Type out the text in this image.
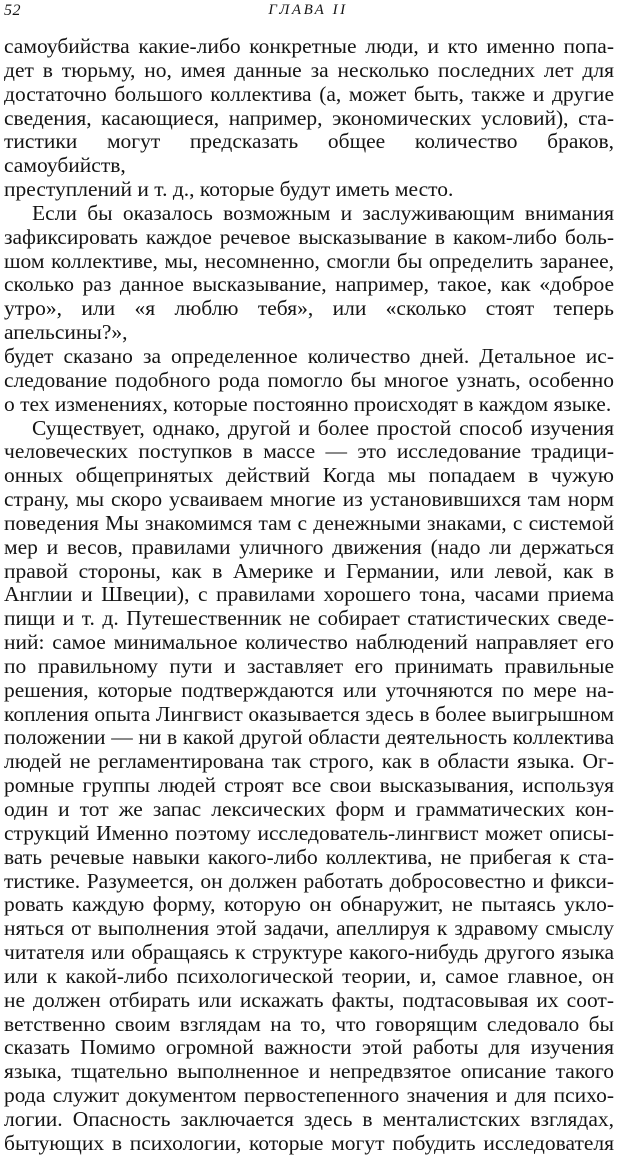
52	ГЛАВА II

самоубийства какие-либо конкретные люди, и кто именно попа-

дет в тюрьму, но, имея данные за несколько последних лет для

достаточно большого коллектива (а, может быть, также и другие

сведения, касающиеся, например, экономических условий), ста-

тистики могут предсказать общее количество браков, самоубийств,

преступлений и т. д., которые будут иметь место.

Если бы оказалось возможным и заслуживающим внимания

зафиксировать каждое речевое высказывание в каком-либо боль-

шом коллективе, мы, несомненно, смогли бы определить заранее,

сколько раз данное высказывание, например, такое, как «доброе

утро», или «я люблю тебя», или «сколько стоят теперь апельсины?»,

будет сказано за определенное количество дней. Детальное ис-

следование подобного рода помогло бы многое узнать, особенно

о тех изменениях, которые постоянно происходят в каждом языке.

Существует, однако, другой и более простой способ изучения

человеческих поступков в массе — это исследование традици-

онных общепринятых действий Когда мы попадаем в чужую

страну, мы скоро усваиваем многие из установившихся там норм

поведения Мы знакомимся там с денежными знаками, с системой

мер и весов, правилами уличного движения (надо ли держаться

правой стороны, как в Америке и Германии, или левой, как в

Англии и Швеции), с правилами хорошего тона, часами приема

пищи и т. д. Путешественник не собирает статистических сведе-

ний: самое минимальное количество наблюдений направляет его

по правильному пути и заставляет его принимать правильные

решения, которые подтверждаются или уточняются по мере на-

копления опыта Лингвист оказывается здесь в более выигрышном

положении — ни в какой другой области деятельность коллектива

людей не регламентирована так строго, как в области языка. Ог-

ромные группы людей строят все свои высказывания, используя

один и тот же запас лексических форм и грамматических кон-

струкций Именно поэтому исследователь-лингвист может описы-

вать речевые навыки какого-либо коллектива, не прибегая к ста-

тистике. Разумеется, он должен работать добросовестно и фикси-

ровать каждую форму, которую он обнаружит, не пытаясь укло-

няться от выполнения этой задачи, апеллируя к здравому смыслу

читателя или обращаясь к структуре какого-нибудь другого языка

или к какой-либо психологической теории, и, самое главное, он

не должен отбирать или искажать факты, подтасовывая их соот-

ветственно своим взглядам на то, что говорящим следовало бы

сказать Помимо огромной важности этой работы для изучения

языка, тщательно выполненное и непредвзятое описание такого

рода служит документом первостепенного значения и для психо-

логии. Опасность заключается здесь в менталистских взглядах,

бытующих в психологии, которые могут побудить исследователя
